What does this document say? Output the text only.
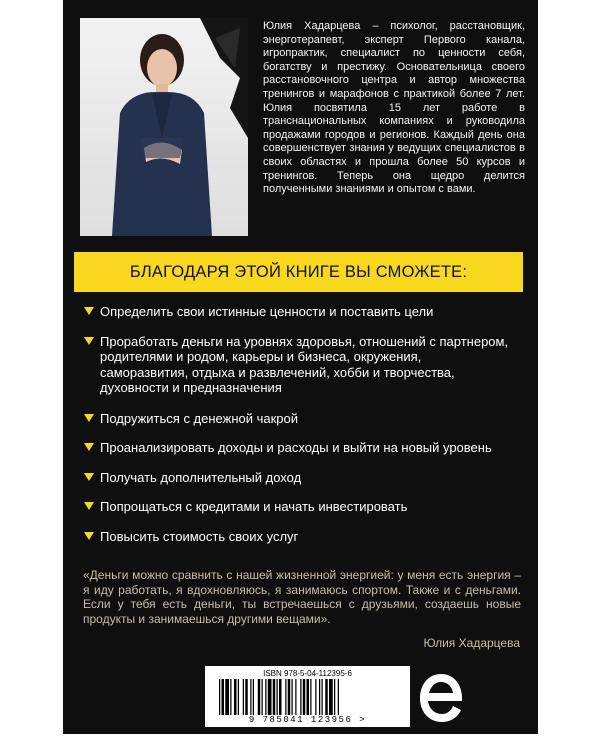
Юлия Хадарцева – психолог, расстановщик, энерготерапевт, эксперт Первого канала, игропрактик, специалист по ценности себя, богатству и престижу. Основательница своего расстановочного центра и автор множества тренингов и марафонов с практикой более 7 лет. Юлия посвятила 15 лет работе в транснациональных компаниях и руководила продажами городов и регионов. Каждый день она совершенствует знания у ведущих специалистов в своих областях и прошла более 50 курсов и тренингов. Теперь она щедро делится полученными знаниями и опытом с вами.
БЛАГОДАРЯ ЭТОЙ КНИГЕ ВЫ СМОЖЕТЕ:
Определить свои истинные ценности и поставить цели
Проработать деньги на уровнях здоровья, отношений с партнером, родителями и родом, карьеры и бизнеса, окружения, саморазвития, отдыха и развлечений, хобби и творчества, духовности и предназначения
Подружиться с денежной чакрой
Проанализировать доходы и расходы и выйти на новый уровень
Получать дополнительный доход
Попрощаться с кредитами и начать инвестировать
Повысить стоимость своих услуг
«Деньги можно сравнить с нашей жизненной энергией: у меня есть энергия – я иду работать, я вдохновляюсь, я занимаюсь спортом. Также и с деньгами. Если у тебя есть деньги, ты встречаешься с друзьями, создаешь новые продукты и занимаешься другими вещами».
Юлия Хадарцева
ISBN 978-5-04-112395-6
9 785041 123956 >
